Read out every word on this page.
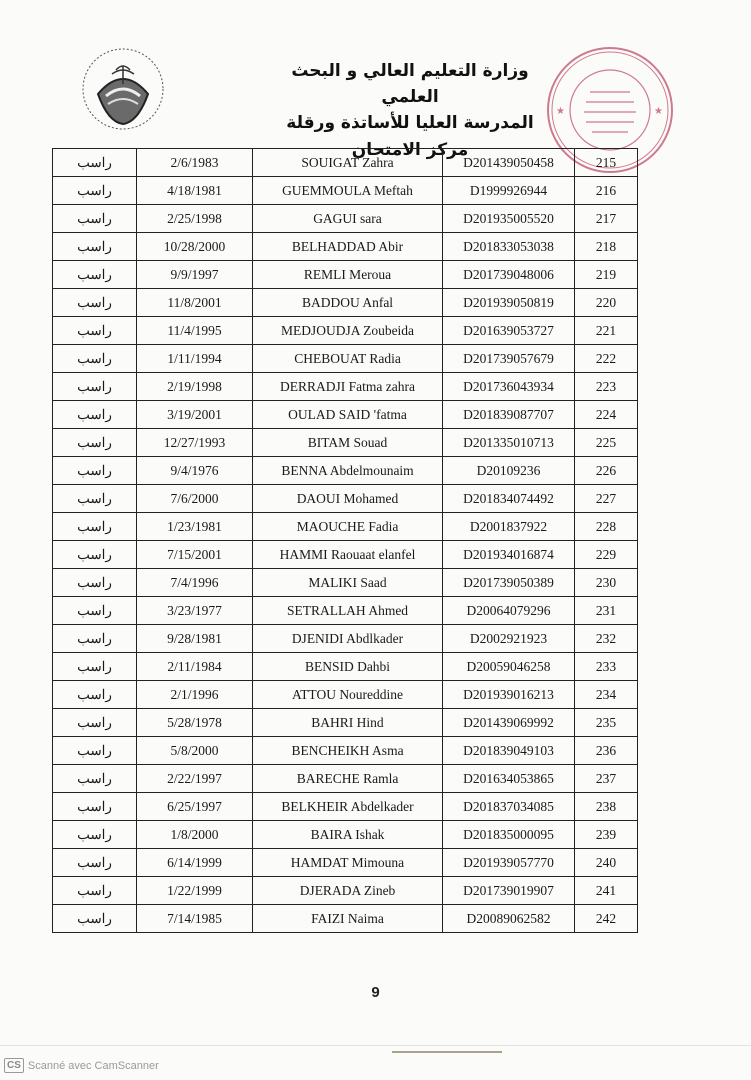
وزارة التعليم العالي و البحث العلمي
المدرسة العليا للأساتذة ورقلة
مركز الامتحان
★	★
راسب	2/6/1983	SOUIGAT Zahra	D201439050458	215
راسب	4/18/1981	GUEMMOULA Meftah	D1999926944	216
راسب	2/25/1998	GAGUI sara	D201935005520	217
راسب	10/28/2000	BELHADDAD Abir	D201833053038	218
راسب	9/9/1997	REMLI Meroua	D201739048006	219
راسب	11/8/2001	BADDOU Anfal	D201939050819	220
راسب	11/4/1995	MEDJOUDJA Zoubeida	D201639053727	221
راسب	1/11/1994	CHEBOUAT Radia	D201739057679	222
راسب	2/19/1998	DERRADJI Fatma zahra	D201736043934	223
راسب	3/19/2001	OULAD SAID 'fatma	D201839087707	224
راسب	12/27/1993	BITAM Souad	D201335010713	225
راسب	9/4/1976	BENNA Abdelmounaim	D20109236	226
راسب	7/6/2000	DAOUI Mohamed	D201834074492	227
راسب	1/23/1981	MAOUCHE Fadia	D2001837922	228
راسب	7/15/2001	HAMMI Raouaat elanfel	D201934016874	229
راسب	7/4/1996	MALIKI Saad	D201739050389	230
راسب	3/23/1977	SETRALLAH Ahmed	D20064079296	231
راسب	9/28/1981	DJENIDI Abdlkader	D2002921923	232
راسب	2/11/1984	BENSID Dahbi	D20059046258	233
راسب	2/1/1996	ATTOU Noureddine	D201939016213	234
راسب	5/28/1978	BAHRI Hind	D201439069992	235
راسب	5/8/2000	BENCHEIKH Asma	D201839049103	236
راسب	2/22/1997	BARECHE Ramla	D201634053865	237
راسب	6/25/1997	BELKHEIR Abdelkader	D201837034085	238
راسب	1/8/2000	BAIRA Ishak	D201835000095	239
راسب	6/14/1999	HAMDAT Mimouna	D201939057770	240
راسب	1/22/1999	DJERADA Zineb	D201739019907	241
راسب	7/14/1985	FAIZI Naima	D20089062582	242
9
CS Scanné avec CamScanner
